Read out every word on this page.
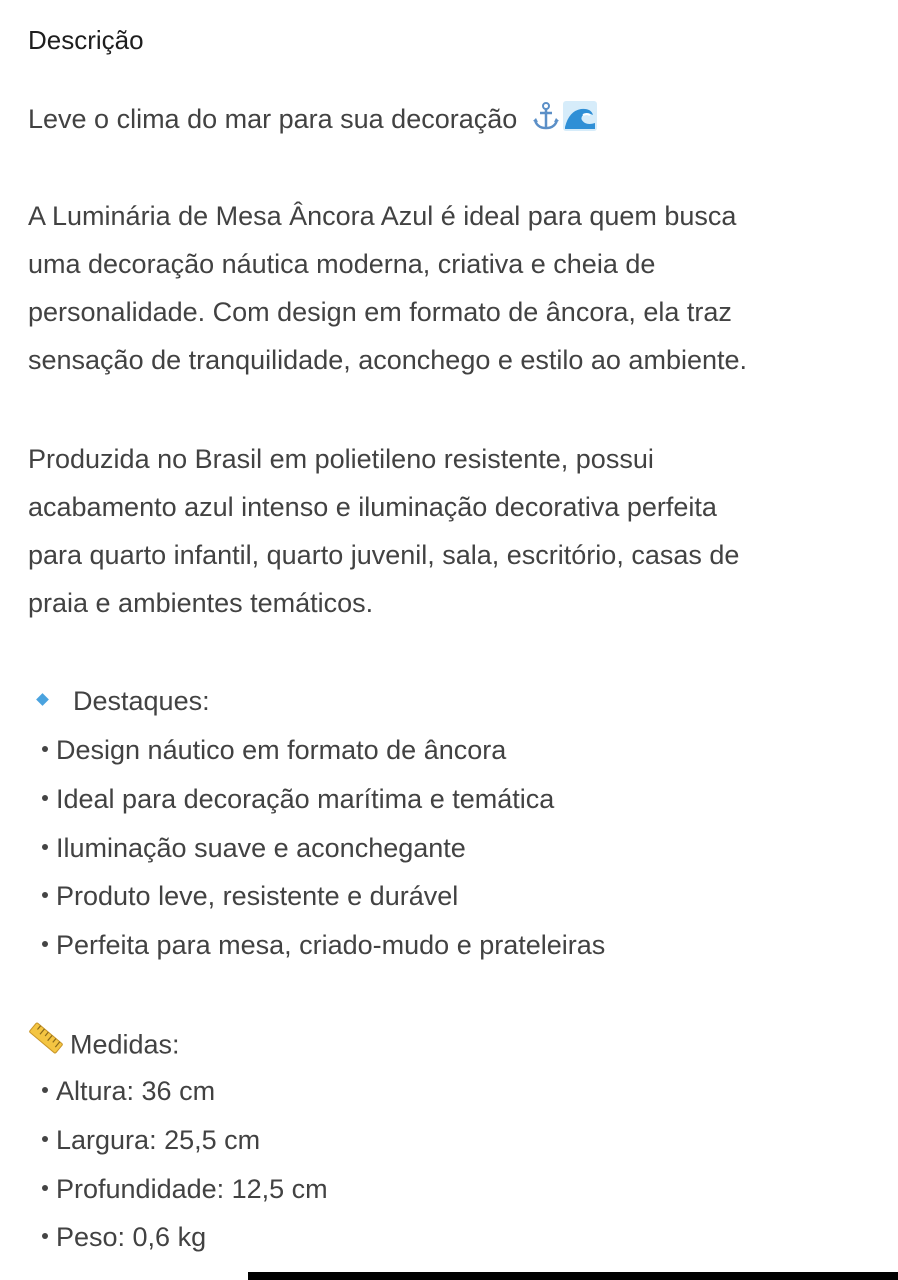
Descrição
Leve o clima do mar para sua decoração
A Luminária de Mesa Âncora Azul é ideal para quem busca
uma decoração náutica moderna, criativa e cheia de
personalidade. Com design em formato de âncora, ela traz
sensação de tranquilidade, aconchego e estilo ao ambiente.
Produzida no Brasil em polietileno resistente, possui
acabamento azul intenso e iluminação decorativa perfeita
para quarto infantil, quarto juvenil, sala, escritório, casas de
praia e ambientes temáticos.
Destaques:
Design náutico em formato de âncora
Ideal para decoração marítima e temática
Iluminação suave e aconchegante
Produto leve, resistente e durável
Perfeita para mesa, criado-mudo e prateleiras
Medidas:
Altura: 36 cm
Largura: 25,5 cm
Profundidade: 12,5 cm
Peso: 0,6 kg
